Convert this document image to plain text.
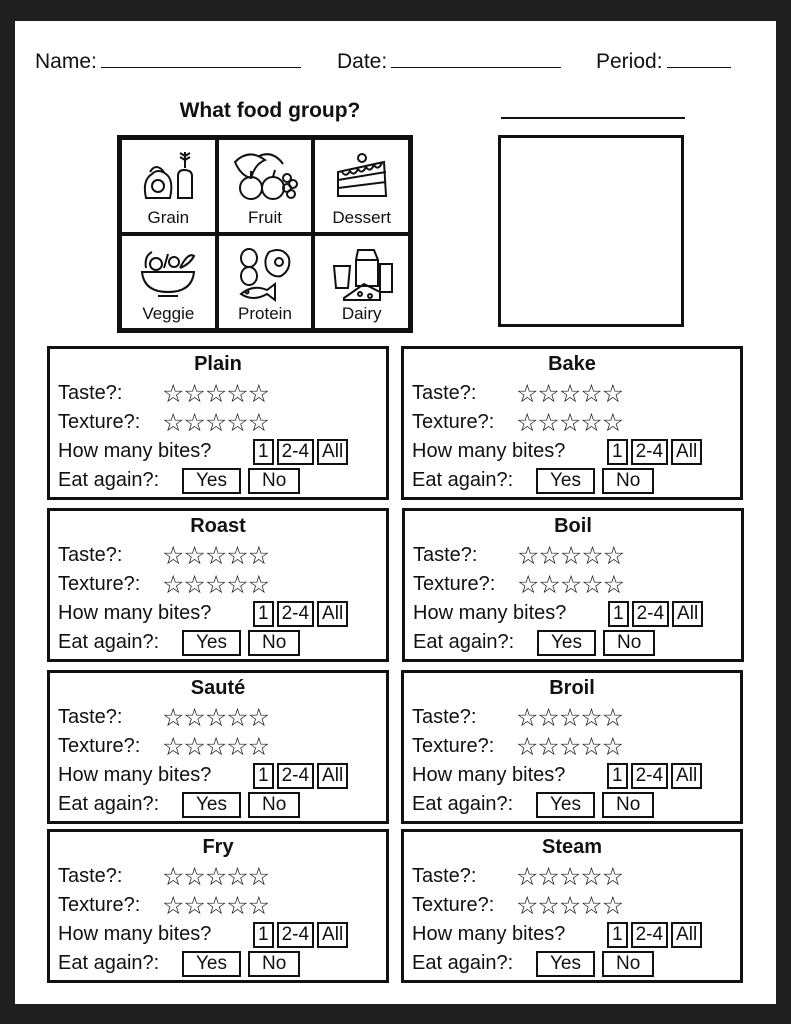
Name:	Date:	Period:
What food group?
Grain	Fruit	Dessert
Veggie	Protein	Dairy
Plain
Taste?: ☆☆☆☆☆
Texture?: ☆☆☆☆☆
How many bites? 1 2-4 All
Eat again?:	Yes No
Bake
Taste?: ☆☆☆☆☆
Texture?: ☆☆☆☆☆
How many bites? 1 2-4 All
Eat again?:	Yes No
Roast
Taste?: ☆☆☆☆☆
Texture?: ☆☆☆☆☆
How many bites? 1 2-4 All
Eat again?:	Yes No
Boil
Taste?: ☆☆☆☆☆
Texture?: ☆☆☆☆☆
How many bites? 1 2-4 All
Eat again?:	Yes No
Sauté
Taste?: ☆☆☆☆☆
Texture?: ☆☆☆☆☆
How many bites? 1 2-4 All
Eat again?:	Yes No
Broil
Taste?: ☆☆☆☆☆
Texture?: ☆☆☆☆☆
How many bites? 1 2-4 All
Eat again?:	Yes No
Fry
Taste?: ☆☆☆☆☆
Texture?: ☆☆☆☆☆
How many bites? 1 2-4 All
Eat again?:	Yes No
Steam
Taste?: ☆☆☆☆☆
Texture?: ☆☆☆☆☆
How many bites? 1 2-4 All
Eat again?:	Yes No
